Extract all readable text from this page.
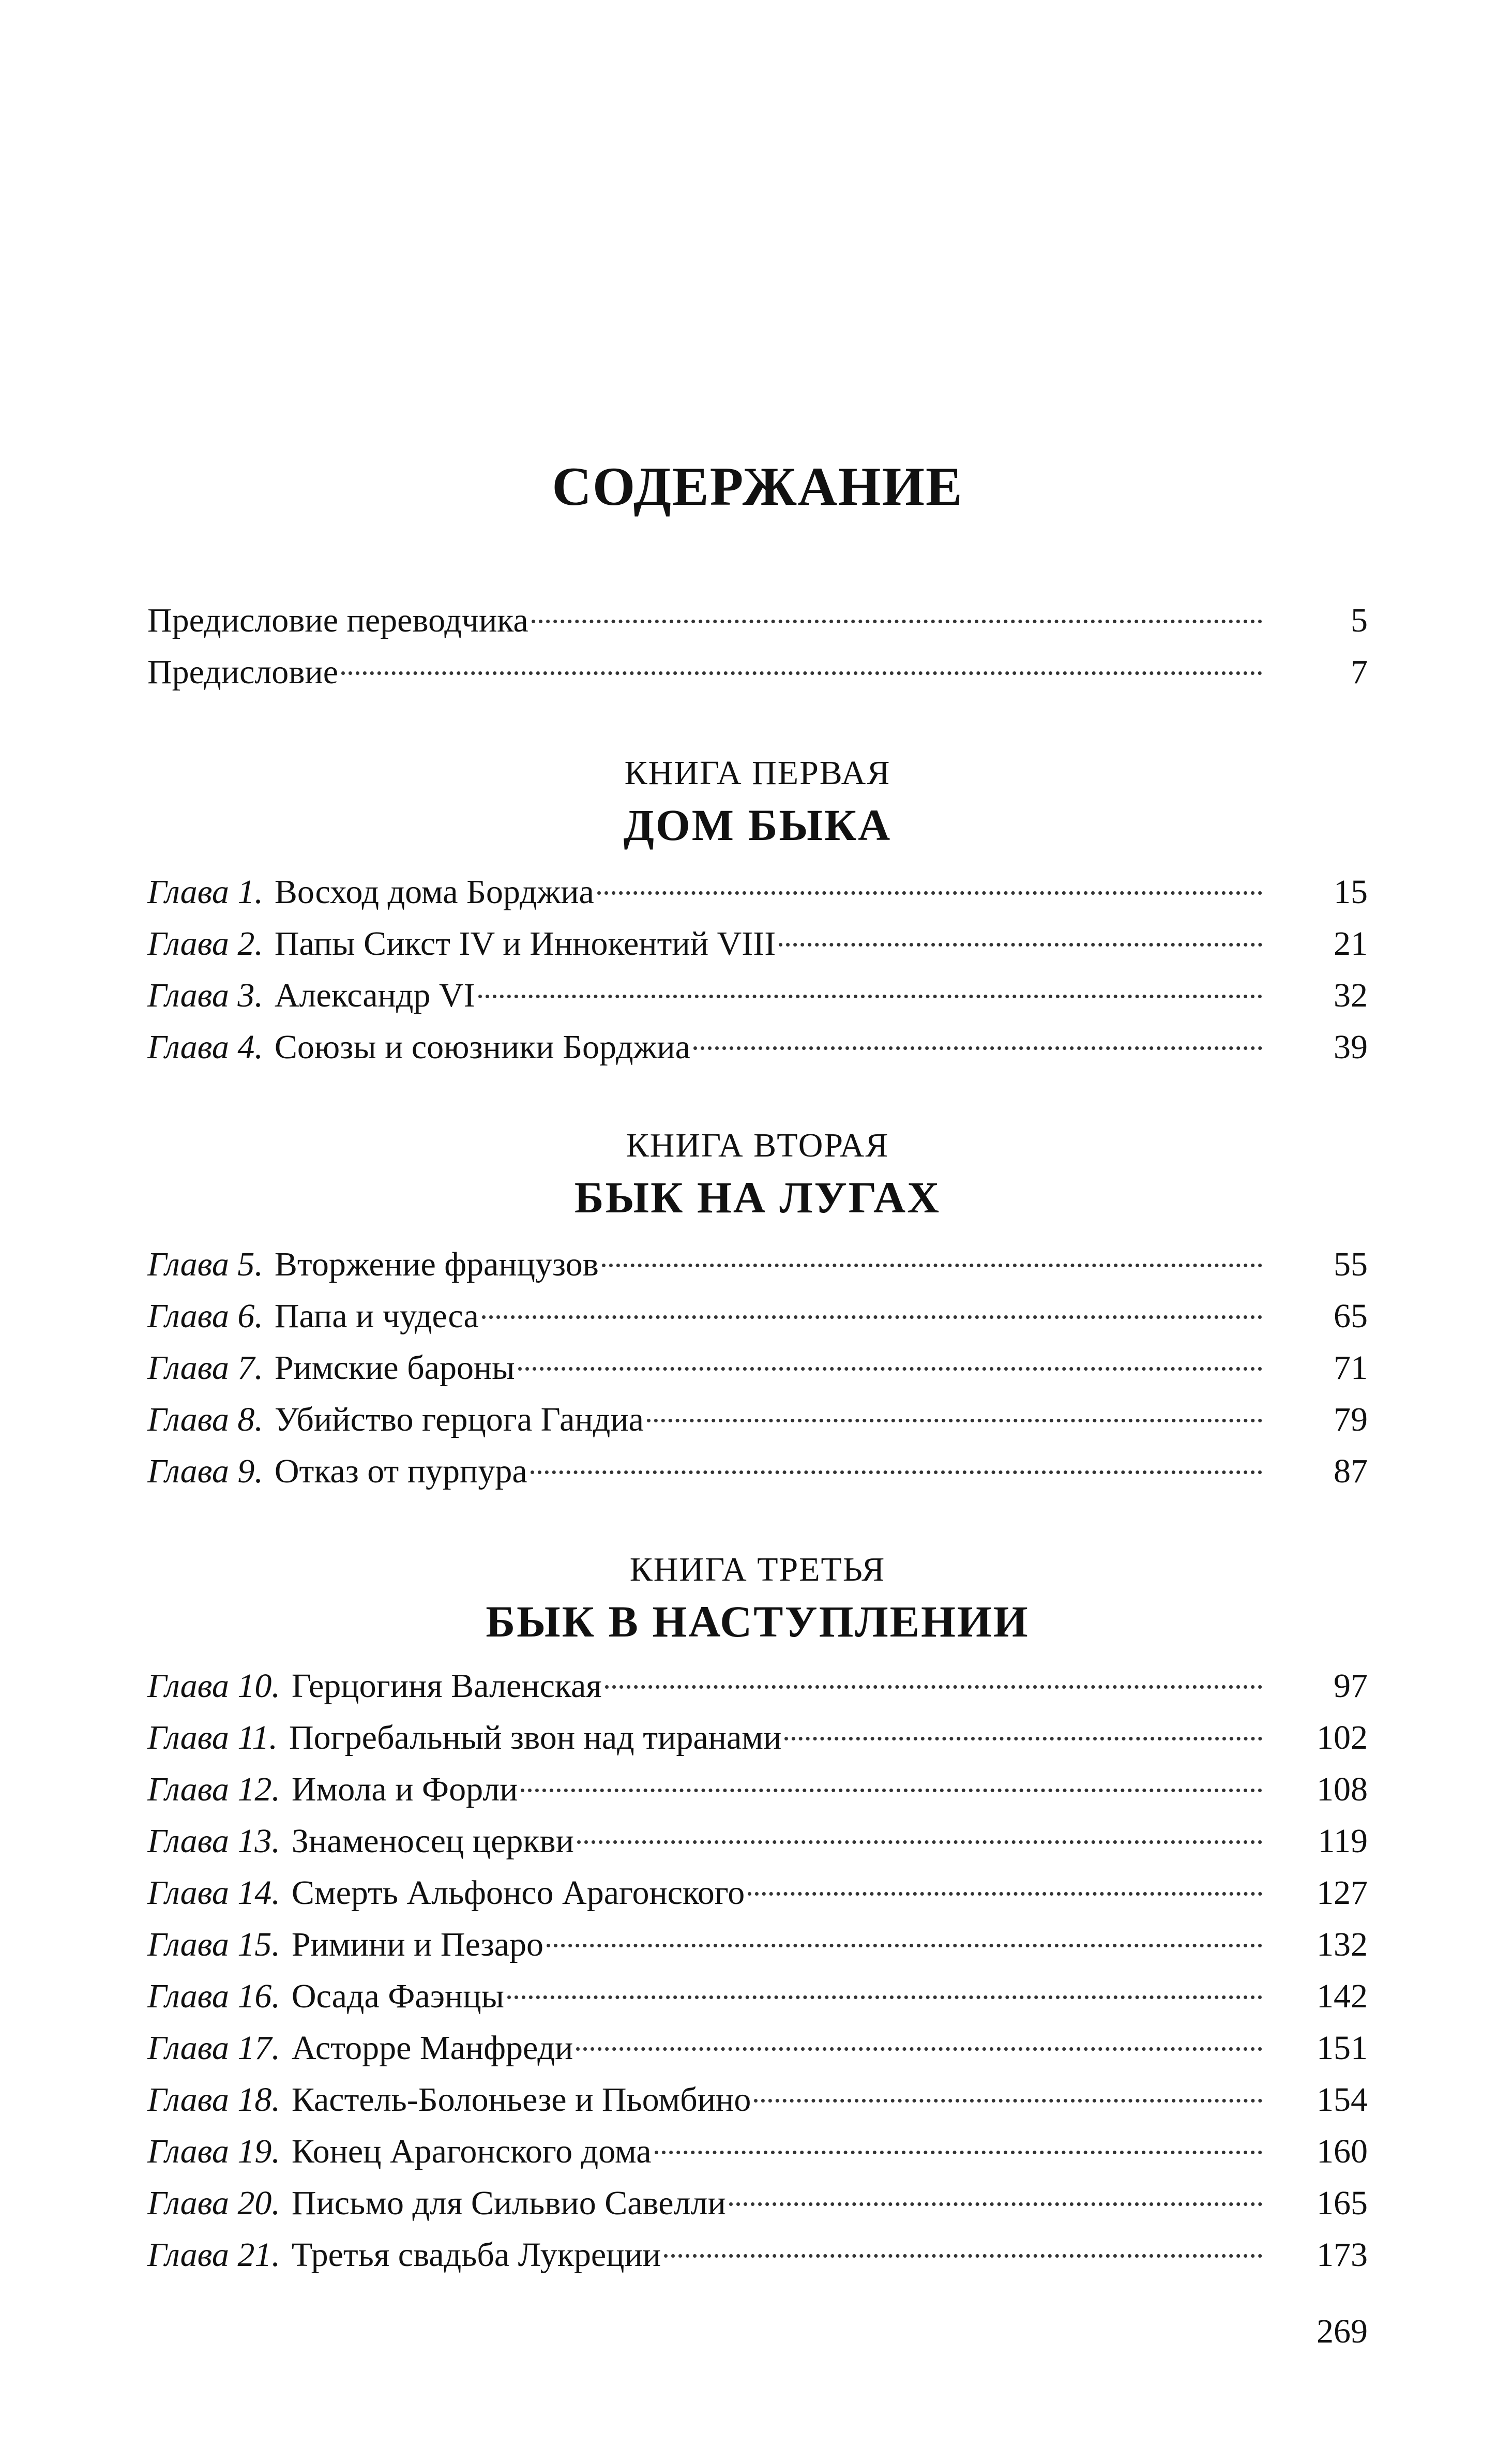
СОДЕРЖАНИЕ
Предисловие переводчика	5
Предисловие	7
КНИГА ПЕРВАЯ
ДОМ БЫКА
Глава 1. Восход дома Борджиа	15
Глава 2. Папы Сикст IV и Иннокентий VIII	21
Глава 3. Александр VI	32
Глава 4. Союзы и союзники Борджиа	39
КНИГА ВТОРАЯ
БЫК НА ЛУГАХ
Глава 5. Вторжение французов	55
Глава 6. Папа и чудеса	65
Глава 7. Римские бароны	71
Глава 8. Убийство герцога Гандиа	79
Глава 9. Отказ от пурпура	87
КНИГА ТРЕТЬЯ
БЫК В НАСТУПЛЕНИИ
Глава 10. Герцогиня Валенская	97
Глава 11. Погребальный звон над тиранами	102
Глава 12. Имола и Форли	108
Глава 13. Знаменосец церкви	119
Глава 14. Смерть Альфонсо Арагонского	127
Глава 15. Римини и Пезаро	132
Глава 16. Осада Фаэнцы	142
Глава 17. Асторре Манфреди	151
Глава 18. Кастель-Болоньезе и Пьомбино	154
Глава 19. Конец Арагонского дома	160
Глава 20. Письмо для Сильвио Савелли	165
Глава 21. Третья свадьба Лукреции	173
269
